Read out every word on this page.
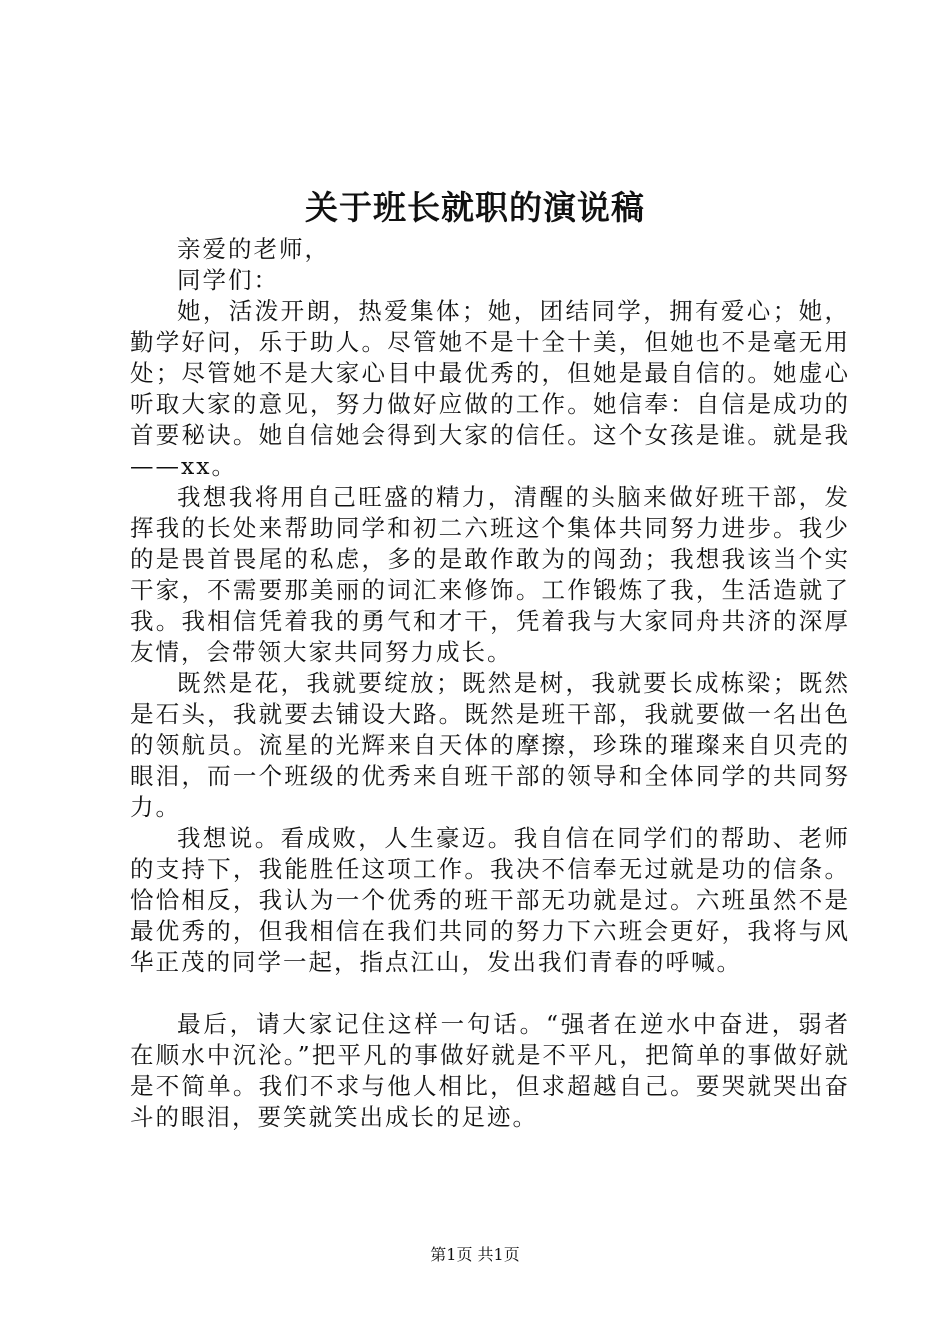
关于班长就职的演说稿

亲爱的老师，

同学们：

她，活泼开朗，热爱集体；她，团结同学，拥有爱心；她，勤学好问，乐于助人。尽管她不是十全十美，但她也不是毫无用处；尽管她不是大家心目中最优秀的，但她是最自信的。她虚心听取大家的意见，努力做好应做的工作。她信奉：自信是成功的首要秘诀。她自信她会得到大家的信任。这个女孩是谁。就是我——xx。

我想我将用自己旺盛的精力，清醒的头脑来做好班干部，发挥我的长处来帮助同学和初二六班这个集体共同努力进步。我少的是畏首畏尾的私虑，多的是敢作敢为的闯劲；我想我该当个实干家，不需要那美丽的词汇来修饰。工作锻炼了我，生活造就了我。我相信凭着我的勇气和才干，凭着我与大家同舟共济的深厚友情，会带领大家共同努力成长。

既然是花，我就要绽放；既然是树，我就要长成栋梁；既然是石头，我就要去铺设大路。既然是班干部，我就要做一名出色的领航员。流星的光辉来自天体的摩擦，珍珠的璀璨来自贝壳的眼泪，而一个班级的优秀来自班干部的领导和全体同学的共同努力。

我想说。看成败，人生豪迈。我自信在同学们的帮助、老师的支持下，我能胜任这项工作。我决不信奉无过就是功的信条。恰恰相反，我认为一个优秀的班干部无功就是过。六班虽然不是最优秀的，但我相信在我们共同的努力下六班会更好，我将与风华正茂的同学一起，指点江山，发出我们青春的呼喊。

最后，请大家记住这样一句话。“强者在逆水中奋进，弱者在顺水中沉沦。”把平凡的事做好就是不平凡，把简单的事做好就是不简单。我们不求与他人相比，但求超越自己。要哭就哭出奋斗的眼泪，要笑就笑出成长的足迹。

第1页 共1页
